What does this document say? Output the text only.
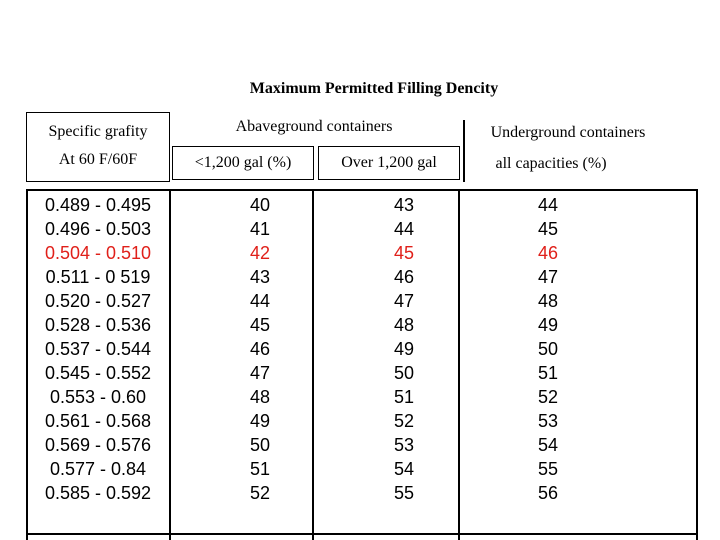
Maximum Permitted Filling Dencity
Specific grafity
At 60 F/60F
Abaveground containers
<1,200 gal (%)	Over 1,200 gal
Underground containers
all capacities (%)
0.489 - 0.495
0.496 - 0.503
0.504 - 0.510
0.511 - 0 519
0.520 - 0.527
0.528 - 0.536
0.537 - 0.544
0.545 - 0.552
0.553 - 0.60
0.561 - 0.568
0.569 - 0.576
0.577 - 0.84
0.585 - 0.592
40
41
42
43
44
45
46
47
48
49
50
51
52
43
44
45
46
47
48
49
50
51
52
53
54
55
44
45
46
47
48
49
50
51
52
53
54
55
56
